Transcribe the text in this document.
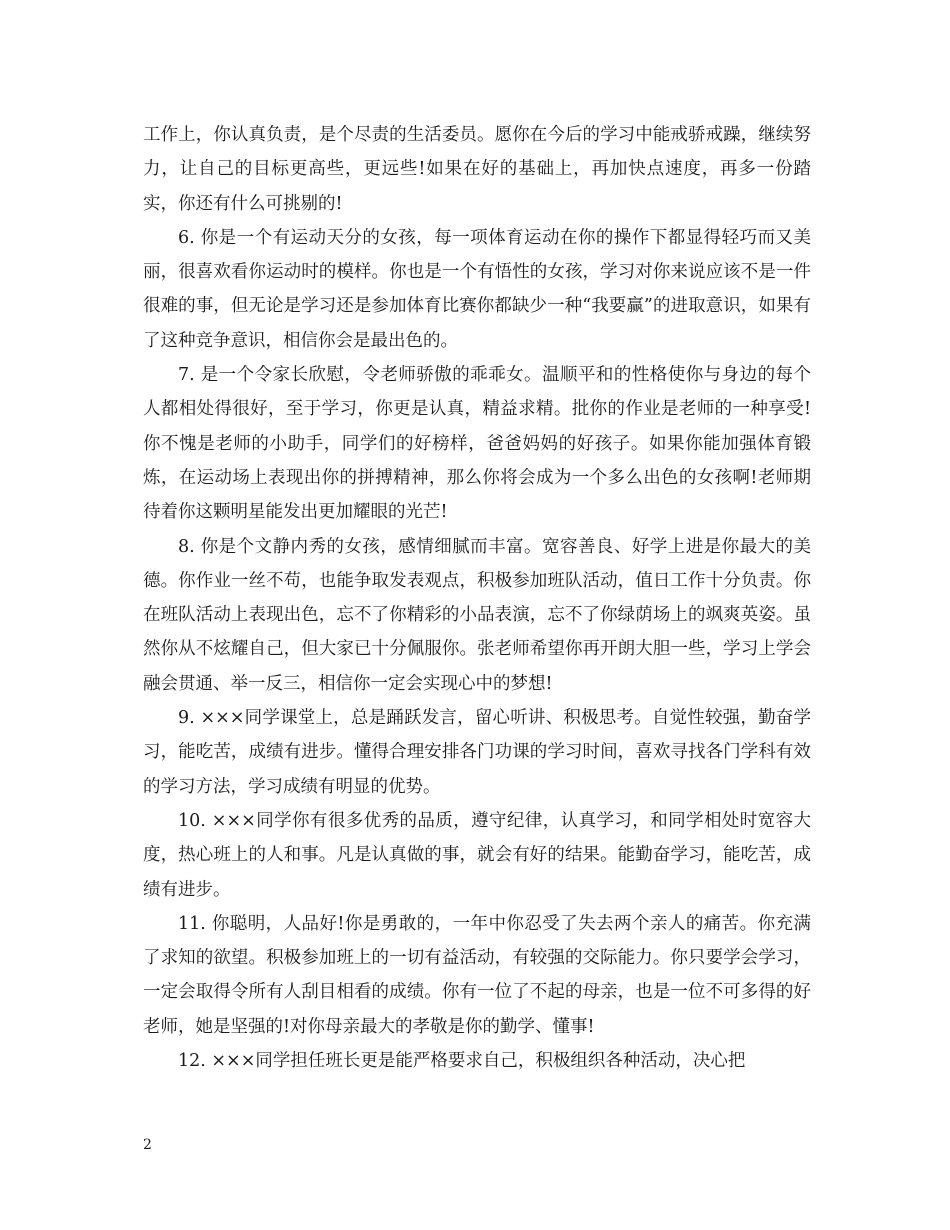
工作上，你认真负责，是个尽责的生活委员。愿你在今后的学习中能戒骄戒躁，继续努力，让自己的目标更高些，更远些!如果在好的基础上，再加快点速度，再多一份踏实，你还有什么可挑剔的!

6. 你是一个有运动天分的女孩，每一项体育运动在你的操作下都显得轻巧而又美丽，很喜欢看你运动时的模样。你也是一个有悟性的女孩，学习对你来说应该不是一件很难的事，但无论是学习还是参加体育比赛你都缺少一种“我要赢”的进取意识，如果有了这种竞争意识，相信你会是最出色的。

7. 是一个令家长欣慰，令老师骄傲的乖乖女。温顺平和的性格使你与身边的每个人都相处得很好，至于学习，你更是认真，精益求精。批你的作业是老师的一种享受!你不愧是老师的小助手，同学们的好榜样，爸爸妈妈的好孩子。如果你能加强体育锻炼，在运动场上表现出你的拼搏精神，那么你将会成为一个多么出色的女孩啊!老师期待着你这颗明星能发出更加耀眼的光芒!

8. 你是个文静内秀的女孩，感情细腻而丰富。宽容善良、好学上进是你最大的美德。你作业一丝不苟，也能争取发表观点，积极参加班队活动，值日工作十分负责。你在班队活动上表现出色，忘不了你精彩的小品表演，忘不了你绿荫场上的飒爽英姿。虽然你从不炫耀自己，但大家已十分佩服你。张老师希望你再开朗大胆一些，学习上学会融会贯通、举一反三，相信你一定会实现心中的梦想!

9. ×××同学课堂上，总是踊跃发言，留心听讲、积极思考。自觉性较强，勤奋学习，能吃苦，成绩有进步。懂得合理安排各门功课的学习时间，喜欢寻找各门学科有效的学习方法，学习成绩有明显的优势。

10. ×××同学你有很多优秀的品质，遵守纪律，认真学习，和同学相处时宽容大度，热心班上的人和事。凡是认真做的事，就会有好的结果。能勤奋学习，能吃苦，成绩有进步。

11. 你聪明，人品好!你是勇敢的，一年中你忍受了失去两个亲人的痛苦。你充满了求知的欲望。积极参加班上的一切有益活动，有较强的交际能力。你只要学会学习，一定会取得令所有人刮目相看的成绩。你有一位了不起的母亲，也是一位不可多得的好老师，她是坚强的!对你母亲最大的孝敬是你的勤学、懂事!

12. ×××同学担任班长更是能严格要求自己，积极组织各种活动，决心把

2
